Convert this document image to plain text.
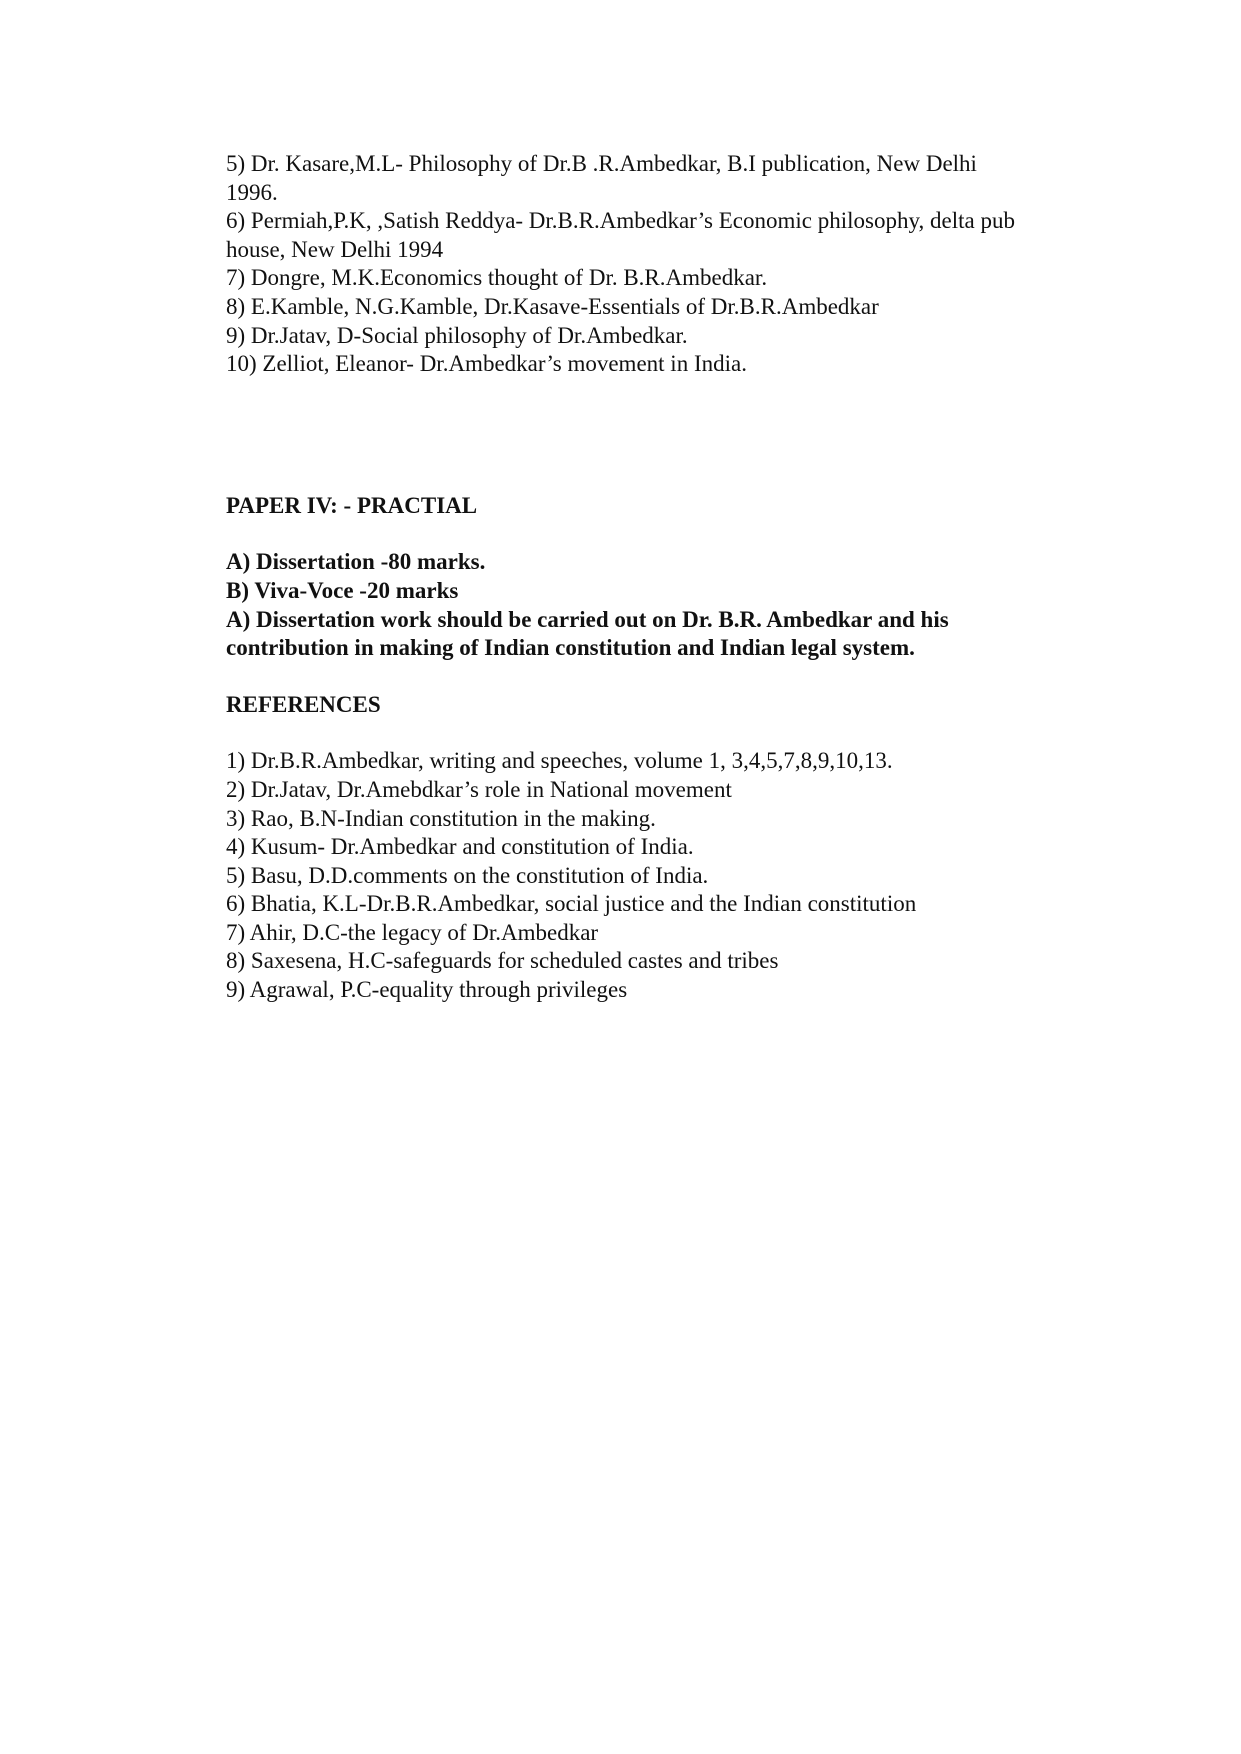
5) Dr. Kasare,M.L- Philosophy of Dr.B .R.Ambedkar, B.I publication, New Delhi
1996.
6) Permiah,P.K, ,Satish Reddya- Dr.B.R.Ambedkar’s Economic philosophy, delta pub
house, New Delhi 1994
7) Dongre, M.K.Economics thought of Dr. B.R.Ambedkar.
8) E.Kamble, N.G.Kamble, Dr.Kasave-Essentials of Dr.B.R.Ambedkar
9) Dr.Jatav, D-Social philosophy of Dr.Ambedkar.
10) Zelliot, Eleanor- Dr.Ambedkar’s movement in India.
PAPER IV: - PRACTIAL
A) Dissertation -80 marks.
B) Viva-Voce -20 marks
A) Dissertation work should be carried out on Dr. B.R. Ambedkar and his
contribution in making of Indian constitution and Indian legal system.
REFERENCES
1) Dr.B.R.Ambedkar, writing and speeches, volume 1, 3,4,5,7,8,9,10,13.
2) Dr.Jatav, Dr.Amebdkar’s role in National movement
3) Rao, B.N-Indian constitution in the making.
4) Kusum- Dr.Ambedkar and constitution of India.
5) Basu, D.D.comments on the constitution of India.
6) Bhatia, K.L-Dr.B.R.Ambedkar, social justice and the Indian constitution
7) Ahir, D.C-the legacy of Dr.Ambedkar
8) Saxesena, H.C-safeguards for scheduled castes and tribes
9) Agrawal, P.C-equality through privileges
